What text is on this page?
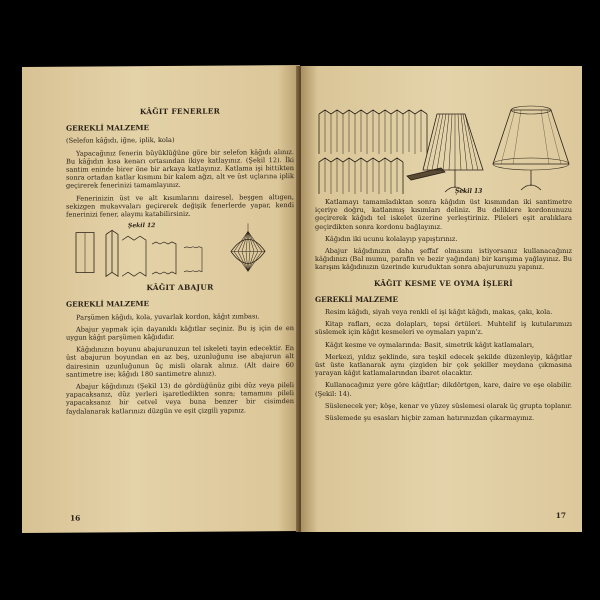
KÂĞIT FENERLER
GEREKLİ MALZEME

(Selefon kâğıdı, iğne, iplik, kola)

Yapacağınız fenerin büyüklüğüne göre bir selefon kâğıdı alınız. Bu kâğıdın kısa kenarı ortasından ikiye katlayınız. (Şekil 12). İki santim eninde birer öne bir arkaya katlayınız. Katlama işi bittikten sonra ortadan katlar kısmını bir kalem ağzı, alt ve üst uçlarına iplik geçirerek fenerinizi tamamlayınız.

Fenerinizin üst ve alt kısımlarını dairesel, beşgen altıgen, sekizgen mukavvaları geçirerek değişik fenerlerde yapar, kendi fenerinizi fener, alaymı katabilirsiniz.

Şekil 12
KÂĞIT ABAJUR
GEREKLİ MALZEME

Parşümen kâğıdı, kola, yuvarlak kordon, kâğıt zımbası.

Abajur yapmak için dayanıklı kâğıtlar seçiniz. Bu iş için de en uygun kâğıt parşümen kâğıdıdır.

Kâğıdınızın boyunu abajurunuzun tel iskeleti tayin edecektir. En üst abajurun boyundan en az beş, uzunluğunu ise abajurun alt dairesinin uzunluğunun üç misli olarak alınız. (Alt daire 60 santimetre ise; kâğıdı 180 santimetre alınız).

Abajur kâğıdınızı (Şekil 13) de gördüğünüz gibi düz veya pileli yapacaksanız, düz yerleri işaretledikten sonra; tamamını pileli yapacaksanız bir cetvel veya buna benzer bir cisimden faydalanarak katlarınızı düzgün ve eşit çizgili yapınız.

16
Şekil 13

Katlamayı tamamladıktan sonra kâğıdın üst kısmından iki santimetre içeriye doğru, katlanmış kısımları deliniz. Bu deliklere kordonunuzu geçirerek kâğıdı tel iskelet üzerine yerleştiriniz. Pileleri eşit aralıklara geçirdikten sonra kordonu bağlayınız.

Kâğıdın iki ucunu kolalayıp yapıştırınız.

Abajur kâğıdınızın daha şeffaf olmasını istiyorsanız kullanacağınız kâğıdınızı (Bal mumu, parafin ve bezir yağından) bir karışıma yağlayınız. Bu karışım kâğıdınızın üzerinde kuruduktan sonra abajurunuzu yapınız.

KÂĞIT KESME VE OYMA İŞLERİ
GEREKLİ MALZEME

Resim kâğıdı, siyah veya renkli el işi kâğıt kâğıdı, makas, çakı, kola.

Kitap rafları, ecza dolapları, tepsi örtüleri. Muhtelif iş kutularımızı süslemek için kâğıt kesmeleri ve oymaları yapın'z.

Kâğıt kesme ve oymalarında: Basit, simetrik kâğıt katlamaları,

Merkezi, yıldız şeklinde, sıra teşkil edecek şekilde düzenleyip, kâğıtlar üst üste katlanarak aynı çizgiden bir çok şekiller meydana çıkmasına yarayan kâğıt katlamalarından ibaret olacaktır.

Kullanacağınız yere göre kâğıtlar; dikdörtgen, kare, daire ve eşe olabilir. (Şekil: 14).

Süslenecek yer; köşe, kenar ve yüzey süslemesi olarak üç grupta toplanır.

Süslemede şu esasları hiçbir zaman hatırınızdan çıkarmayınız.

17
